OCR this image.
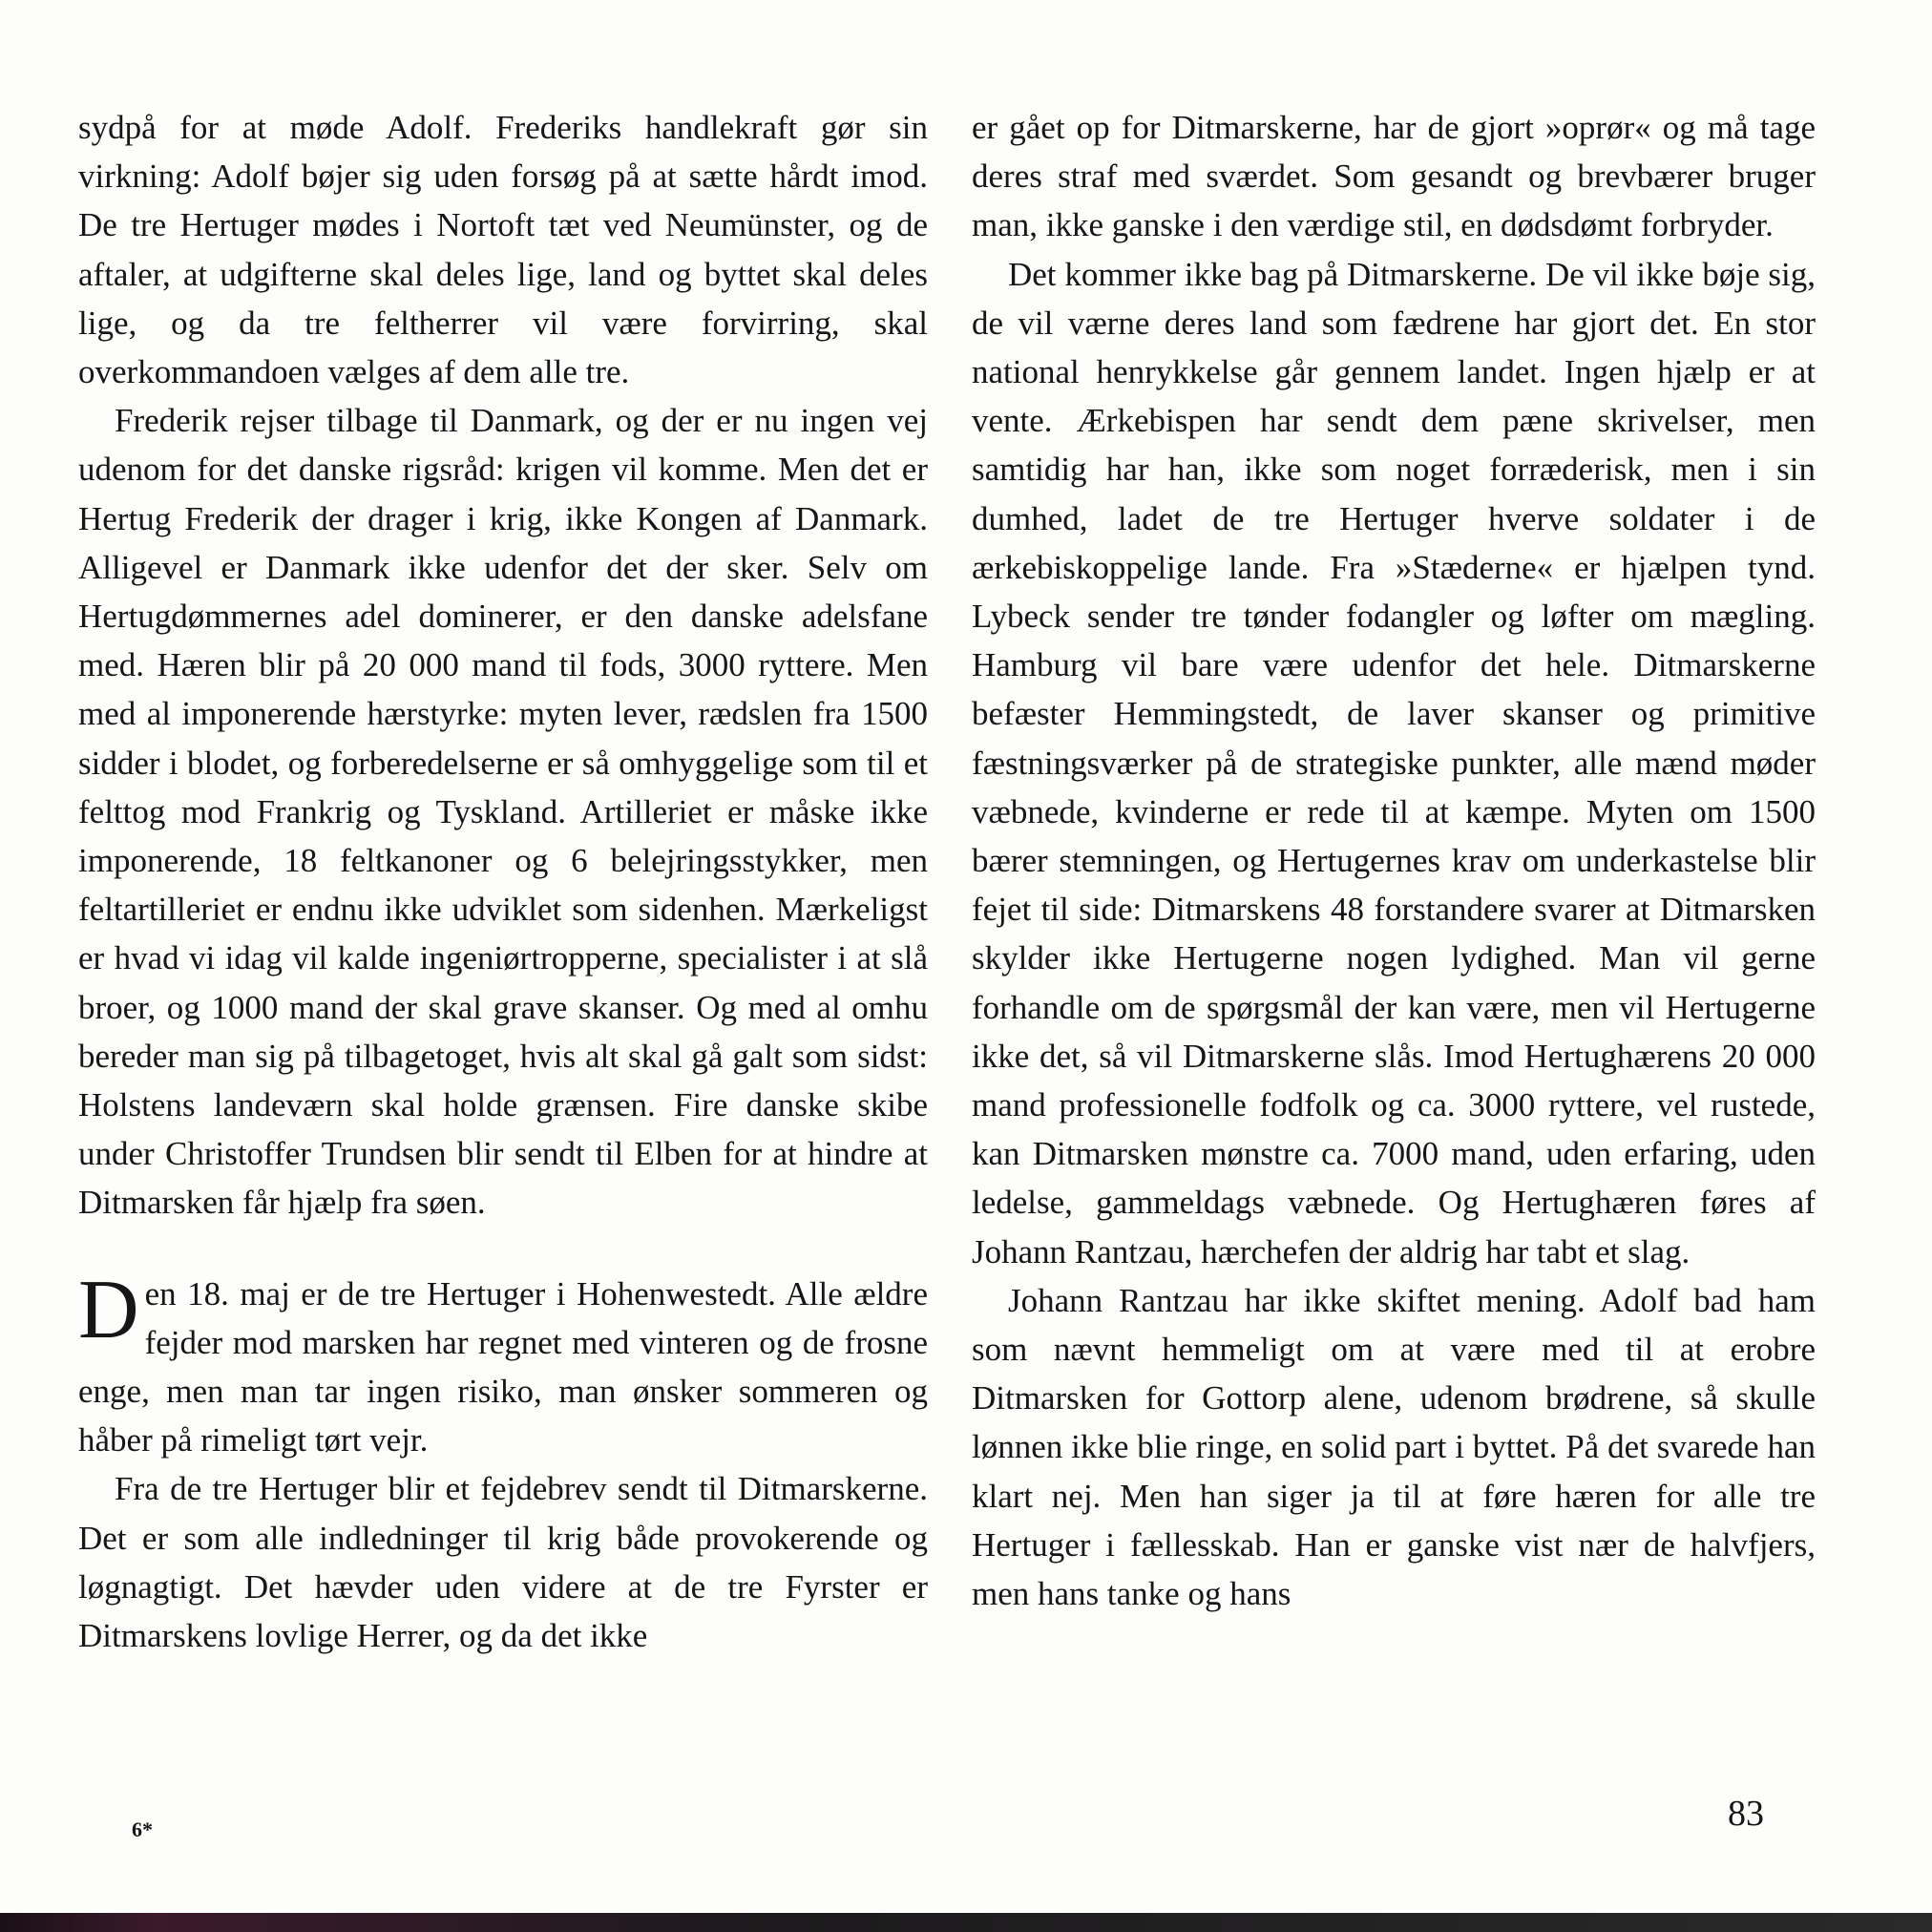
sydpå for at møde Adolf. Frederiks handlekraft gør sin virkning: Adolf bøjer sig uden forsøg på at sætte hårdt imod. De tre Hertuger mødes i Nortoft tæt ved Neumünster, og de aftaler, at udgifterne skal deles lige, land og byttet skal deles lige, og da tre feltherrer vil være forvirring, skal overkommandoen vælges af dem alle tre.

Frederik rejser tilbage til Danmark, og der er nu ingen vej udenom for det danske rigsråd: krigen vil komme. Men det er Hertug Frederik der drager i krig, ikke Kongen af Danmark. Alligevel er Danmark ikke udenfor det der sker. Selv om Hertugdømmernes adel dominerer, er den danske adelsfane med. Hæren blir på 20 000 mand til fods, 3000 ryttere. Men med al imponerende hærstyrke: myten lever, rædslen fra 1500 sidder i blodet, og forberedelserne er så omhyggelige som til et felttog mod Frankrig og Tyskland. Artilleriet er måske ikke imponerende, 18 feltkanoner og 6 belejringsstykker, men feltartilleriet er endnu ikke udviklet som sidenhen. Mærkeligst er hvad vi idag vil kalde ingeniørtropperne, specialister i at slå broer, og 1000 mand der skal grave skanser. Og med al omhu bereder man sig på tilbagetoget, hvis alt skal gå galt som sidst: Holstens landeværn skal holde grænsen. Fire danske skibe under Christoffer Trundsen blir sendt til Elben for at hindre at Ditmarsken får hjælp fra søen.

Den 18. maj er de tre Hertuger i Hohenwestedt. Alle ældre fejder mod marsken har regnet med vinteren og de frosne enge, men man tar ingen risiko, man ønsker sommeren og håber på rimeligt tørt vejr.

Fra de tre Hertuger blir et fejdebrev sendt til Ditmarskerne. Det er som alle indledninger til krig både provokerende og løgnagtigt. Det hævder uden videre at de tre Fyrster er Ditmarskens lovlige Herrer, og da det ikke

er gået op for Ditmarskerne, har de gjort »oprør« og må tage deres straf med sværdet. Som gesandt og brevbærer bruger man, ikke ganske i den værdige stil, en dødsdømt forbryder.

Det kommer ikke bag på Ditmarskerne. De vil ikke bøje sig, de vil værne deres land som fædrene har gjort det. En stor national henrykkelse går gennem landet. Ingen hjælp er at vente. Ærkebispen har sendt dem pæne skrivelser, men samtidig har han, ikke som noget forræderisk, men i sin dumhed, ladet de tre Hertuger hverve soldater i de ærkebiskoppelige lande. Fra »Stæderne« er hjælpen tynd. Lybeck sender tre tønder fodangler og løfter om mægling. Hamburg vil bare være udenfor det hele. Ditmarskerne befæster Hemmingstedt, de laver skanser og primitive fæstningsværker på de strategiske punkter, alle mænd møder væbnede, kvinderne er rede til at kæmpe. Myten om 1500 bærer stemningen, og Hertugernes krav om underkastelse blir fejet til side: Ditmarskens 48 forstandere svarer at Ditmarsken skylder ikke Hertugerne nogen lydighed. Man vil gerne forhandle om de spørgsmål der kan være, men vil Hertugerne ikke det, så vil Ditmarskerne slås. Imod Hertughærens 20 000 mand professionelle fodfolk og ca. 3000 ryttere, vel rustede, kan Ditmarsken mønstre ca. 7000 mand, uden erfaring, uden ledelse, gammeldags væbnede. Og Hertughæren føres af Johann Rantzau, hærchefen der aldrig har tabt et slag.

Johann Rantzau har ikke skiftet mening. Adolf bad ham som nævnt hemmeligt om at være med til at erobre Ditmarsken for Gottorp alene, udenom brødrene, så skulle lønnen ikke blie ringe, en solid part i byttet. På det svarede han klart nej. Men han siger ja til at føre hæren for alle tre Hertuger i fællesskab. Han er ganske vist nær de halvfjers, men hans tanke og hans

6*	83
